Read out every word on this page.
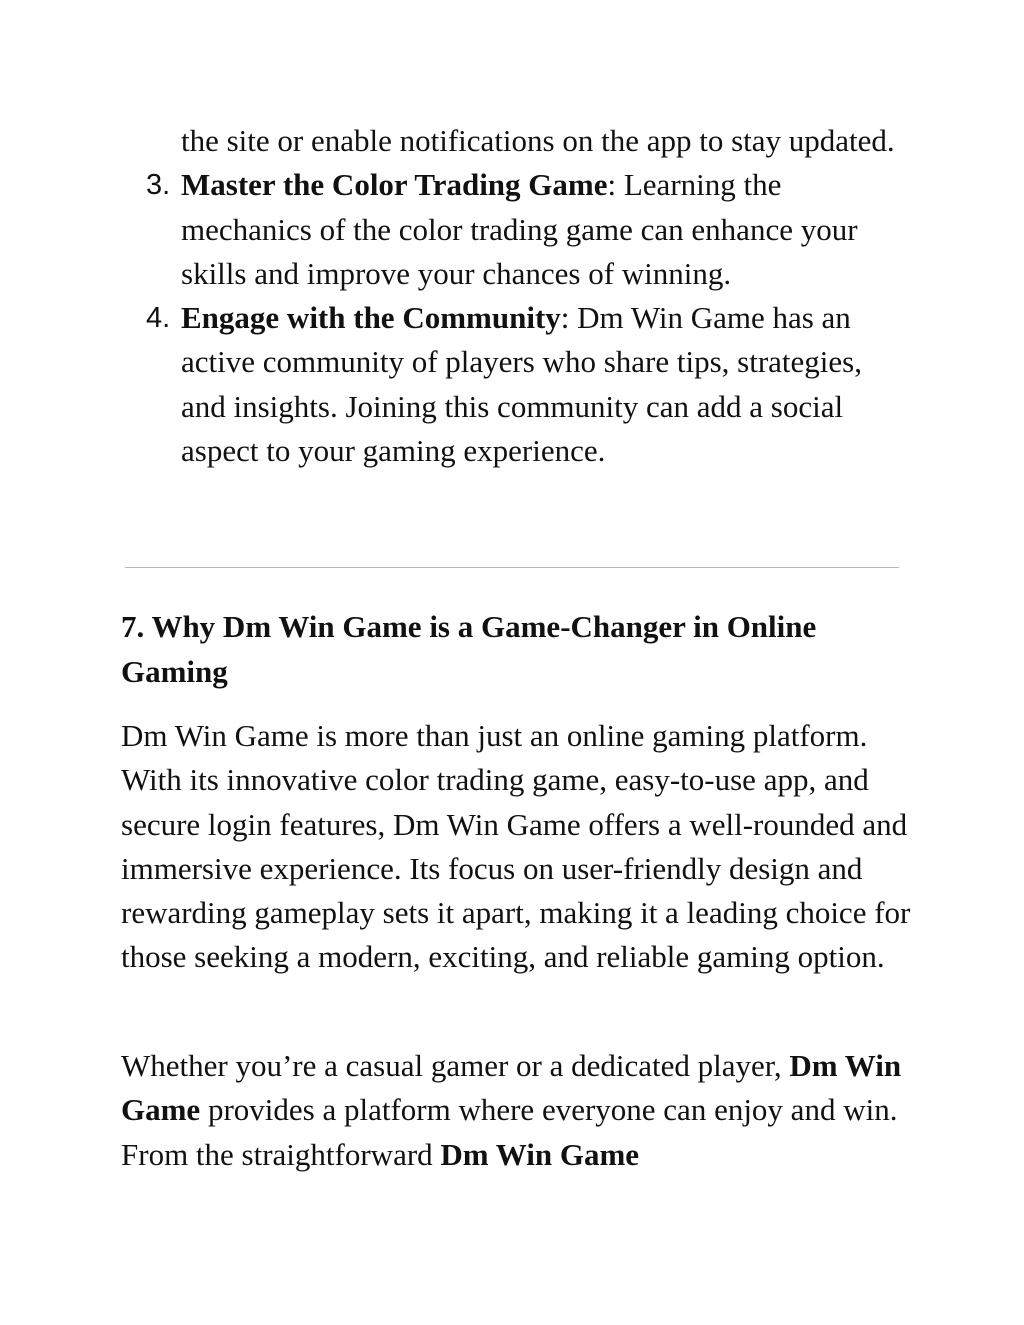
the site or enable notifications on the app to stay updated.
3. Master the Color Trading Game: Learning the mechanics of the color trading game can enhance your skills and improve your chances of winning.
4. Engage with the Community: Dm Win Game has an active community of players who share tips, strategies, and insights. Joining this community can add a social aspect to your gaming experience.
7. Why Dm Win Game is a Game-Changer in Online Gaming

Dm Win Game is more than just an online gaming platform. With its innovative color trading game, easy-to-use app, and secure login features, Dm Win Game offers a well-rounded and immersive experience. Its focus on user-friendly design and rewarding gameplay sets it apart, making it a leading choice for those seeking a modern, exciting, and reliable gaming option.

Whether you’re a casual gamer or a dedicated player, Dm Win Game provides a platform where everyone can enjoy and win. From the straightforward Dm Win Game
